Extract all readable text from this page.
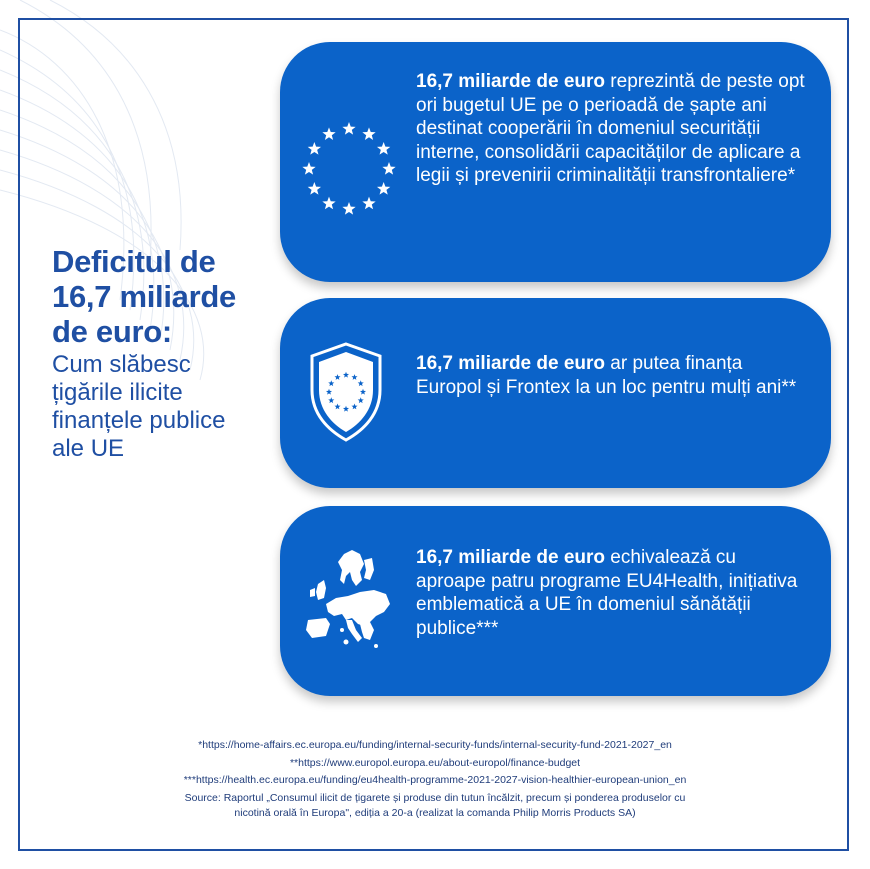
Deficitul de
16,7 miliarde
de euro:
Cum slăbesc
țigările ilicite
finanțele publice
ale UE
16,7 miliarde de euro reprezintă de peste opt ori bugetul UE pe o perioadă de șapte ani destinat cooperării în domeniul securității interne, consolidării capacităților de aplicare a legii și prevenirii criminalității transfrontaliere*
16,7 miliarde de euro ar putea finanța Europol și Frontex la un loc pentru mulți ani**
16,7 miliarde de euro echivalează cu aproape patru programe EU4Health, inițiativa emblematică a UE în domeniul sănătății publice***
*https://home-affairs.ec.europa.eu/funding/internal-security-funds/internal-security-fund-2021-2027_en
**https://www.europol.europa.eu/about-europol/finance-budget
***https://health.ec.europa.eu/funding/eu4health-programme-2021-2027-vision-healthier-european-union_en
Source: Raportul „Consumul ilicit de țigarete și produse din tutun încălzit, precum și ponderea produselor cu
nicotină orală în Europa", ediția a 20-a (realizat la comanda Philip Morris Products SA)
